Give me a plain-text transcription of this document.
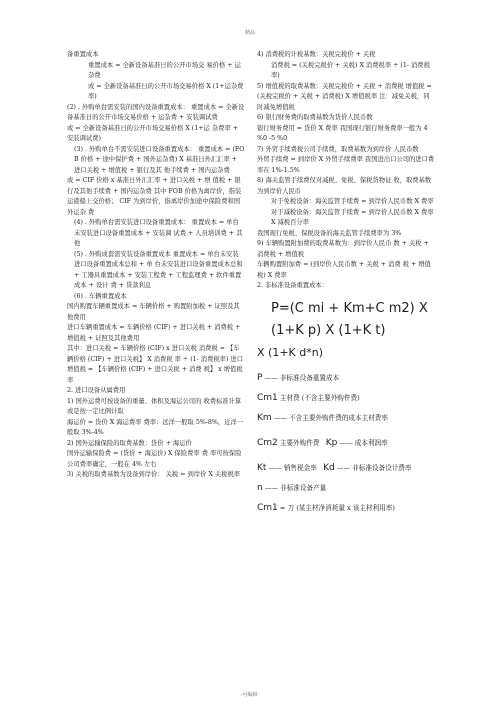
精品

备重置成本

重置成本 = 全新设备基准日的公开市场交 易价格 + 运杂费

或 = 全新设备基准日的公开市场交易价格 X (1+运杂费率)

(2) . 外购单台需安装的国内设备重置成本： 重置成本 = 全新设备基准日的公开市场交易价格 + 运杂费 + 安装调试费

或 = 全新设备基准日的公开市场交易价格 X (1+运 杂费率 + 安装调试费)

(3) . 外购单台不需安装进口设备重置成本： 重置成本 = (FOB 价格 + 途中保护费 + 国外运杂费) X 基准日外汇汇率 + 进口关税 + 增值税 + 银行及其 他手续费 + 国内运杂费

或 = CIF 价格 x 基准日外汇汇率 + 进口关税 + 增 值税 + 银行及其他手续费 + 国内运杂费 其中 FOB 价格为离岸价，指装运港船上交价格； CIF 为到岸价，指离岸价加途中保险费和国外运杂 费

(4) . 外购单台需安装进口设备重置成本： 重置成本 = 单台未安装进口设备重置成本 + 安装调 试费 + 人员培训费 + 其他

(5) . 外购成套需安装设备重置成本 重置成本 = 单台未安装进口设备重置成本总和 + 单 台未安装进口设备重置成本总和 + 工器具重置成本 + 安装工程费 + 工程监理费 + 软件重置成本 + 设计 费 + 贷款利息

(6) . 车辆重置成本

国内购置车辆重置成本 = 车辆价格 + 购置附加税 + 证照及其他费用

进口车辆重置成本 = 车辆价格 (CIF) + 进口关税 + 消费税 + 增值税 + 证照及其他费用

其中：进口关税 = 车辆价格 (CIF) x 进口关税 消费税 = 【车辆价格 (CIF) + 进口关税】 X 消费税 率 ÷ (1- 消费税率) 进口增值税 = 【车辆价格 (CIF) + 进口关税 + 消费 税】 x 增值税率

2. 进口设备从属费用

1) 国外运费可按设备的重量、体积及海运公司的 收费标准计算或是按一定比例计取

海运价 = 货价 X 海运费率 费率：远洋一般取 5%-8%，近洋一般取 3%-4%

2) 国外运输保险的取费基数：货价 + 海运价

国外运输保险费 = (货价 + 海运价) X 保险费率 费 率可按保险公司费率确定，一般在 4% 左右

3) 关税的取费基数为设备到岸价： 关税 = 到岸价 X 关税税率

4) 消费税的计税基数：关税完税价 + 关税

消费税 = (关税完税价 + 关税) X 消费税率 ÷ (1- 消费税率)

5) 增值税的取费基数：关税完税价 + 关税 + 消费税 增值税 = (关税完税价 + 关税 + 消费税) X 增值税率 注：减免关税，同时减免增值税

6) 银行财务费的取费基数为货价人民币数

银行财务费用 = 货价 X 费率 我国现行银行财务费率一般为 4 %0 -5 %0

7) 外贸手续费税公司手续费，取费基数为到岸价 人民币数

外贸手续费 = 到岸价 X 外贸手续费率 我国进出口公司的进口费率在 1%-1.5%

8) 海关监管手续费仅对减税、免税、保税货物征 收，取费基数为到岸价人民币

对于免税设备：海关监管手续费 = 到岸价人民币数 X 费率 对于减税设备：海关监管手续费 = 到岸价人民币数 X 费率 X 减税百分率

我国现行免税、保税设备的海关监管手续费率为 3%

9) 车辆购置附加费的取费基数为：到岸价人民币 数 + 关税 + 消费税 + 增值税

车辆购置附加费 = (到岸价人民币数 + 关税 + 消费 税 + 增值税) X 费率

2. 非标准设备重置成本：

P=(C mi + Km+C m2) X (1+K p) X (1+K t)

X (1+K d*n)

P —— 非标准设备重置成本

Cm1 主材费 (不含主要外购件费)

Km —— 不含主要外购件费的成本主材费率

Cm2 主要外购件费 Kp —— 成本利润率

Kt —— 销售税金率 Kd —— 非标准设备设计费率

n —— 非标准设备产量

Cm1 = 刀 (某主材净消耗量 x 该主材利用率)

-可编辑-
